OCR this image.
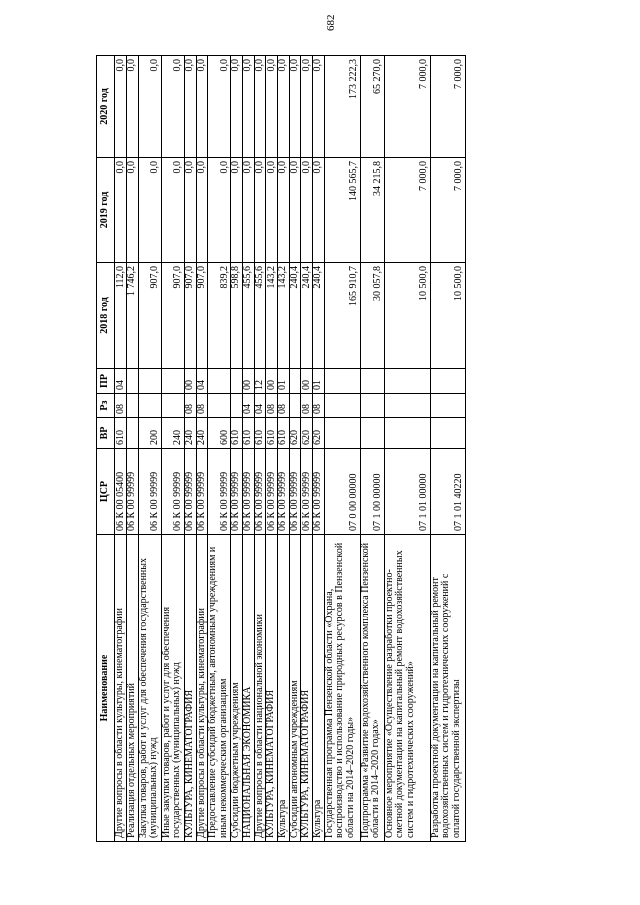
682
Наименование	ЦСР	ВР	Рз	ПР	2018 год	2019 год	2020 год
Другие вопросы в области культуры, кинематографии	06 К 00 05400	610	08	04	112,0	0,0	0,0
Реализация отдельных мероприятий	06 К 00 99999				1 746,2	0,0	0,0
Закупка товаров, работ и услуг для обеспечения государственных (муниципальных) нужд	06 К 00 99999	200			907,0	0,0	0,0
Иные закупки товаров, работ и услуг для обеспечения государственных (муниципальных) нужд	06 К 00 99999	240			907,0	0,0	0,0
КУЛЬТУРА, КИНЕМАТОГРАФИЯ	06 К 00 99999	240	08	00	907,0	0,0	0,0
Другие вопросы в области культуры, кинематографии	06 К 00 99999	240	08	04	907,0	0,0	0,0
Предоставление субсидий бюджетным, автономным учреждениям и иным некоммерческим организациям	06 К 00 99999	600			839,2	0,0	0,0
Субсидии бюджетным учреждениям	06 К 00 99999	610			598,8	0,0	0,0
НАЦИОНАЛЬНАЯ ЭКОНОМИКА	06 К 00 99999	610	04	00	455,6	0,0	0,0
Другие вопросы в области национальной экономики	06 К 00 99999	610	04	12	455,6	0,0	0,0
КУЛЬТУРА, КИНЕМАТОГРАФИЯ	06 К 00 99999	610	08	00	143,2	0,0	0,0
Культура	06 К 00 99999	610	08	01	143,2	0,0	0,0
Субсидии автономным учреждениям	06 К 00 99999	620			240,4	0,0	0,0
КУЛЬТУРА, КИНЕМАТОГРАФИЯ	06 К 00 99999	620	08	00	240,4	0,0	0,0
Культура	06 К 00 99999	620	08	01	240,4	0,0	0,0
Государственная программа Пензенской области «Охрана, воспроизводство и использование природных ресурсов в Пензенской области на 2014–2020 годы»	07 0 00 00000				165 910,7	140 565,7	173 222,3
Подпрограмма «Развитие водохозяйственного комплекса Пензенской области в 2014–2020 годах»	07 1 00 00000				30 057,8	34 215,8	65 270,0
Основное мероприятие «Осуществление разработки проектно-сметной документации на капитальный ремонт водохозяйственных систем и гидротехнических сооружений»	07 1 01 00000				10 500,0	7 000,0	7 000,0
Разработка проектной документации на капитальный ремонт водохозяйственных систем и гидротехнических сооружений с оплатой государственной экспертизы	07 1 01 40220				10 500,0	7 000,0	7 000,0
